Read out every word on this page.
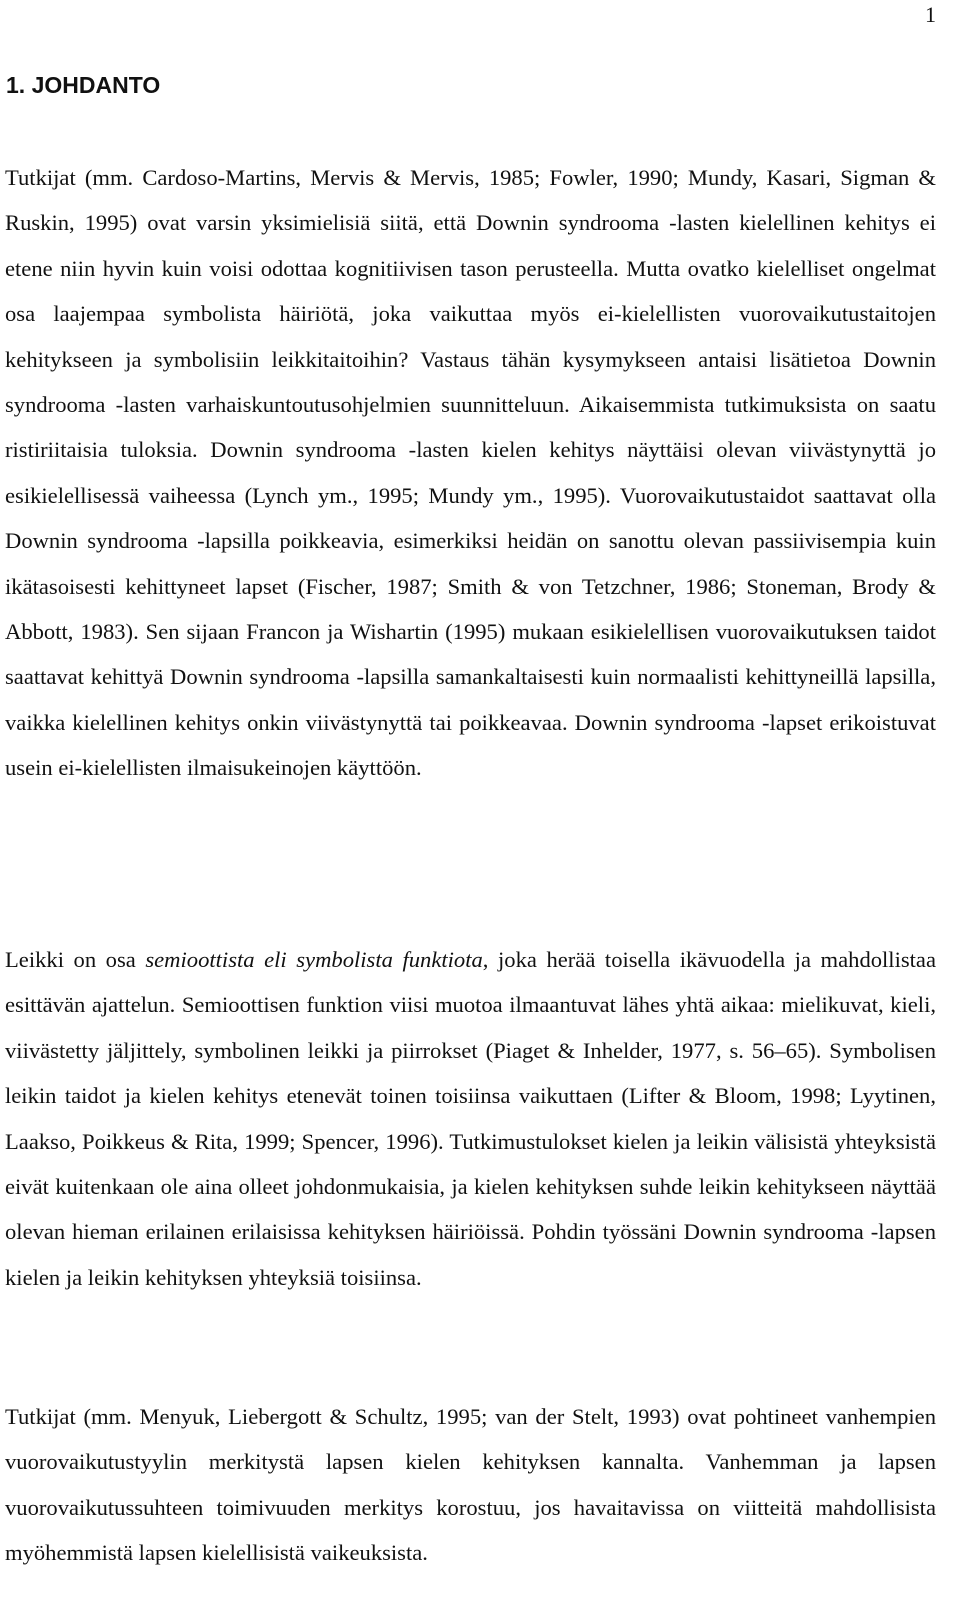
1
1. JOHDANTO

Tutkijat (mm. Cardoso-Martins, Mervis & Mervis, 1985; Fowler, 1990; Mundy, Kasari, Sigman & Ruskin, 1995) ovat varsin yksimielisiä siitä, että Downin syndrooma -lasten kielellinen kehitys ei etene niin hyvin kuin voisi odottaa kognitiivisen tason perusteella. Mutta ovatko kielelliset ongelmat osa laajempaa symbolista häiriötä, joka vaikuttaa myös ei-kielellisten vuorovaikutustaitojen kehitykseen ja symbolisiin leikkitaitoihin? Vastaus tähän kysymykseen antaisi lisätietoa Downin syndrooma -lasten varhaiskuntoutusohjelmien suunnitteluun. Aikaisemmista tutkimuksista on saatu ristiriitaisia tuloksia. Downin syndrooma -lasten kielen kehitys näyttäisi olevan viivästynyttä jo esikielellisessä vaiheessa (Lynch ym., 1995; Mundy ym., 1995). Vuorovaikutustaidot saattavat olla Downin syndrooma -lapsilla poikkeavia, esimerkiksi heidän on sanottu olevan passiivisempia kuin ikätasoisesti kehittyneet lapset (Fischer, 1987; Smith & von Tetzchner, 1986; Stoneman, Brody & Abbott, 1983). Sen sijaan Francon ja Wishartin (1995) mukaan esikielellisen vuorovaikutuksen taidot saattavat kehittyä Downin syndrooma -lapsilla samankaltaisesti kuin normaalisti kehittyneillä lapsilla, vaikka kielellinen kehitys onkin viivästynyttä tai poikkeavaa. Downin syndrooma -lapset erikoistuvat usein ei-kielellisten ilmaisukeinojen käyttöön.

Leikki on osa semioottista eli symbolista funktiota, joka herää toisella ikävuodella ja mahdollistaa esittävän ajattelun. Semioottisen funktion viisi muotoa ilmaantuvat lähes yhtä aikaa: mielikuvat, kieli, viivästetty jäljittely, symbolinen leikki ja piirrokset (Piaget & Inhelder, 1977, s. 56–65). Symbolisen leikin taidot ja kielen kehitys etenevät toinen toisiinsa vaikuttaen (Lifter & Bloom, 1998; Lyytinen, Laakso, Poikkeus & Rita, 1999; Spencer, 1996). Tutkimustulokset kielen ja leikin välisistä yhteyksistä eivät kuitenkaan ole aina olleet johdonmukaisia, ja kielen kehityksen suhde leikin kehitykseen näyttää olevan hieman erilainen erilaisissa kehityksen häiriöissä. Pohdin työssäni Downin syndrooma -lapsen kielen ja leikin kehityksen yhteyksiä toisiinsa.

Tutkijat (mm. Menyuk, Liebergott & Schultz, 1995; van der Stelt, 1993) ovat pohtineet vanhempien vuorovaikutustyylin merkitystä lapsen kielen kehityksen kannalta. Vanhemman ja lapsen vuorovaikutussuhteen toimivuuden merkitys korostuu, jos havaitavissa on viitteitä mahdollisista myöhemmistä lapsen kielellisistä vaikeuksista.
